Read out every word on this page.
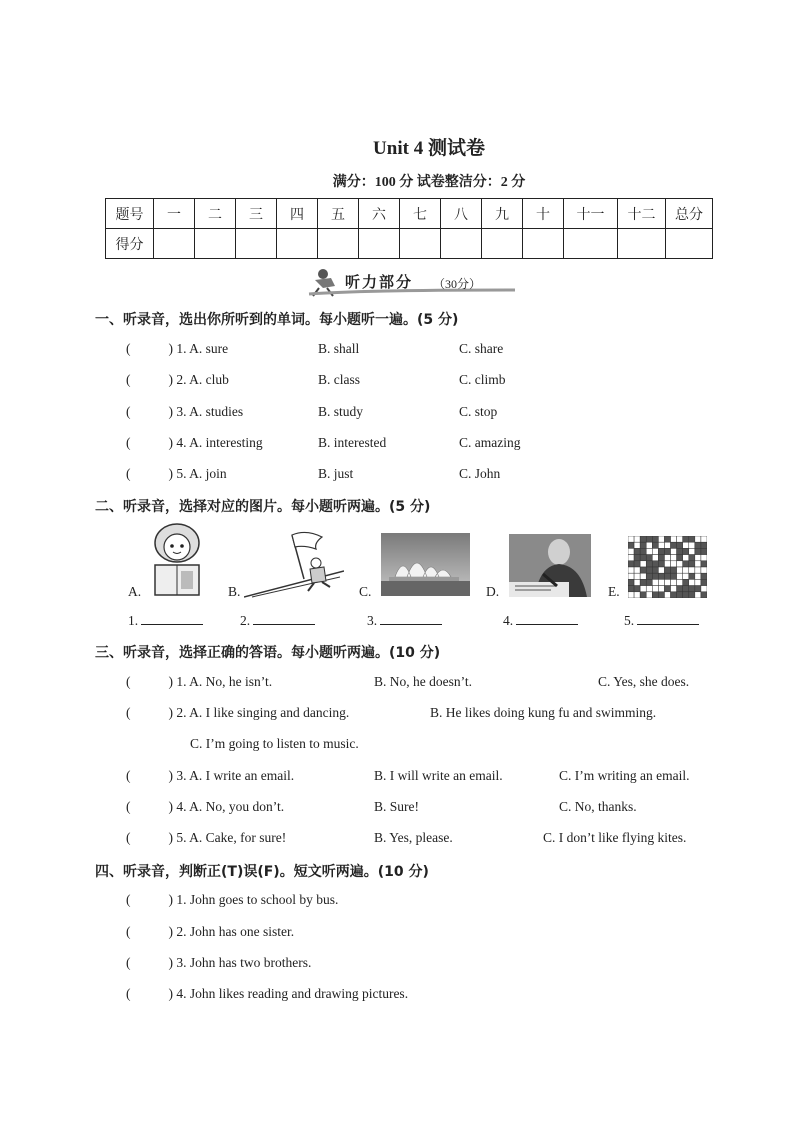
Unit 4 测试卷
满分：100 分 试卷整洁分：2 分
题号	一	二	三	四	五	六	七	八	九	十	十一	十二	总分
得分													
听力部分 （30分）
一、听录音，选出你所听到的单词。每小题听一遍。(5 分)
(	) 1. A. sure	B. shall	C. share
(	) 2. A. club	B. class	C. climb
(	) 3. A. studies	B. study	C. stop
(	) 4. A. interesting	B. interested	C. amazing
(	) 5. A. join	B. just	C. John
二、听录音，选择对应的图片。每小题听两遍。(5 分)
A.	B.	C.	D.	E.
1.	2.	3.	4.	5.
三、听录音，选择正确的答语。每小题听两遍。(10 分)
(	) 1. A. No, he isn’t.	B. No, he doesn’t.	C. Yes, she does.
(	) 2. A. I like singing and dancing.	B. He likes doing kung fu and swimming.
C. I’m going to listen to music.
(	) 3. A. I write an email.	B. I will write an email.	C. I’m writing an email.
(	) 4. A. No, you don’t.	B. Sure!	C. No, thanks.
(	) 5. A. Cake, for sure!	B. Yes, please.	C. I don’t like flying kites.
四、听录音，判断正(T)误(F)。短文听两遍。(10 分)
(	) 1. John goes to school by bus.
(	) 2. John has one sister.
(	) 3. John has two brothers.
(	) 4. John likes reading and drawing pictures.
